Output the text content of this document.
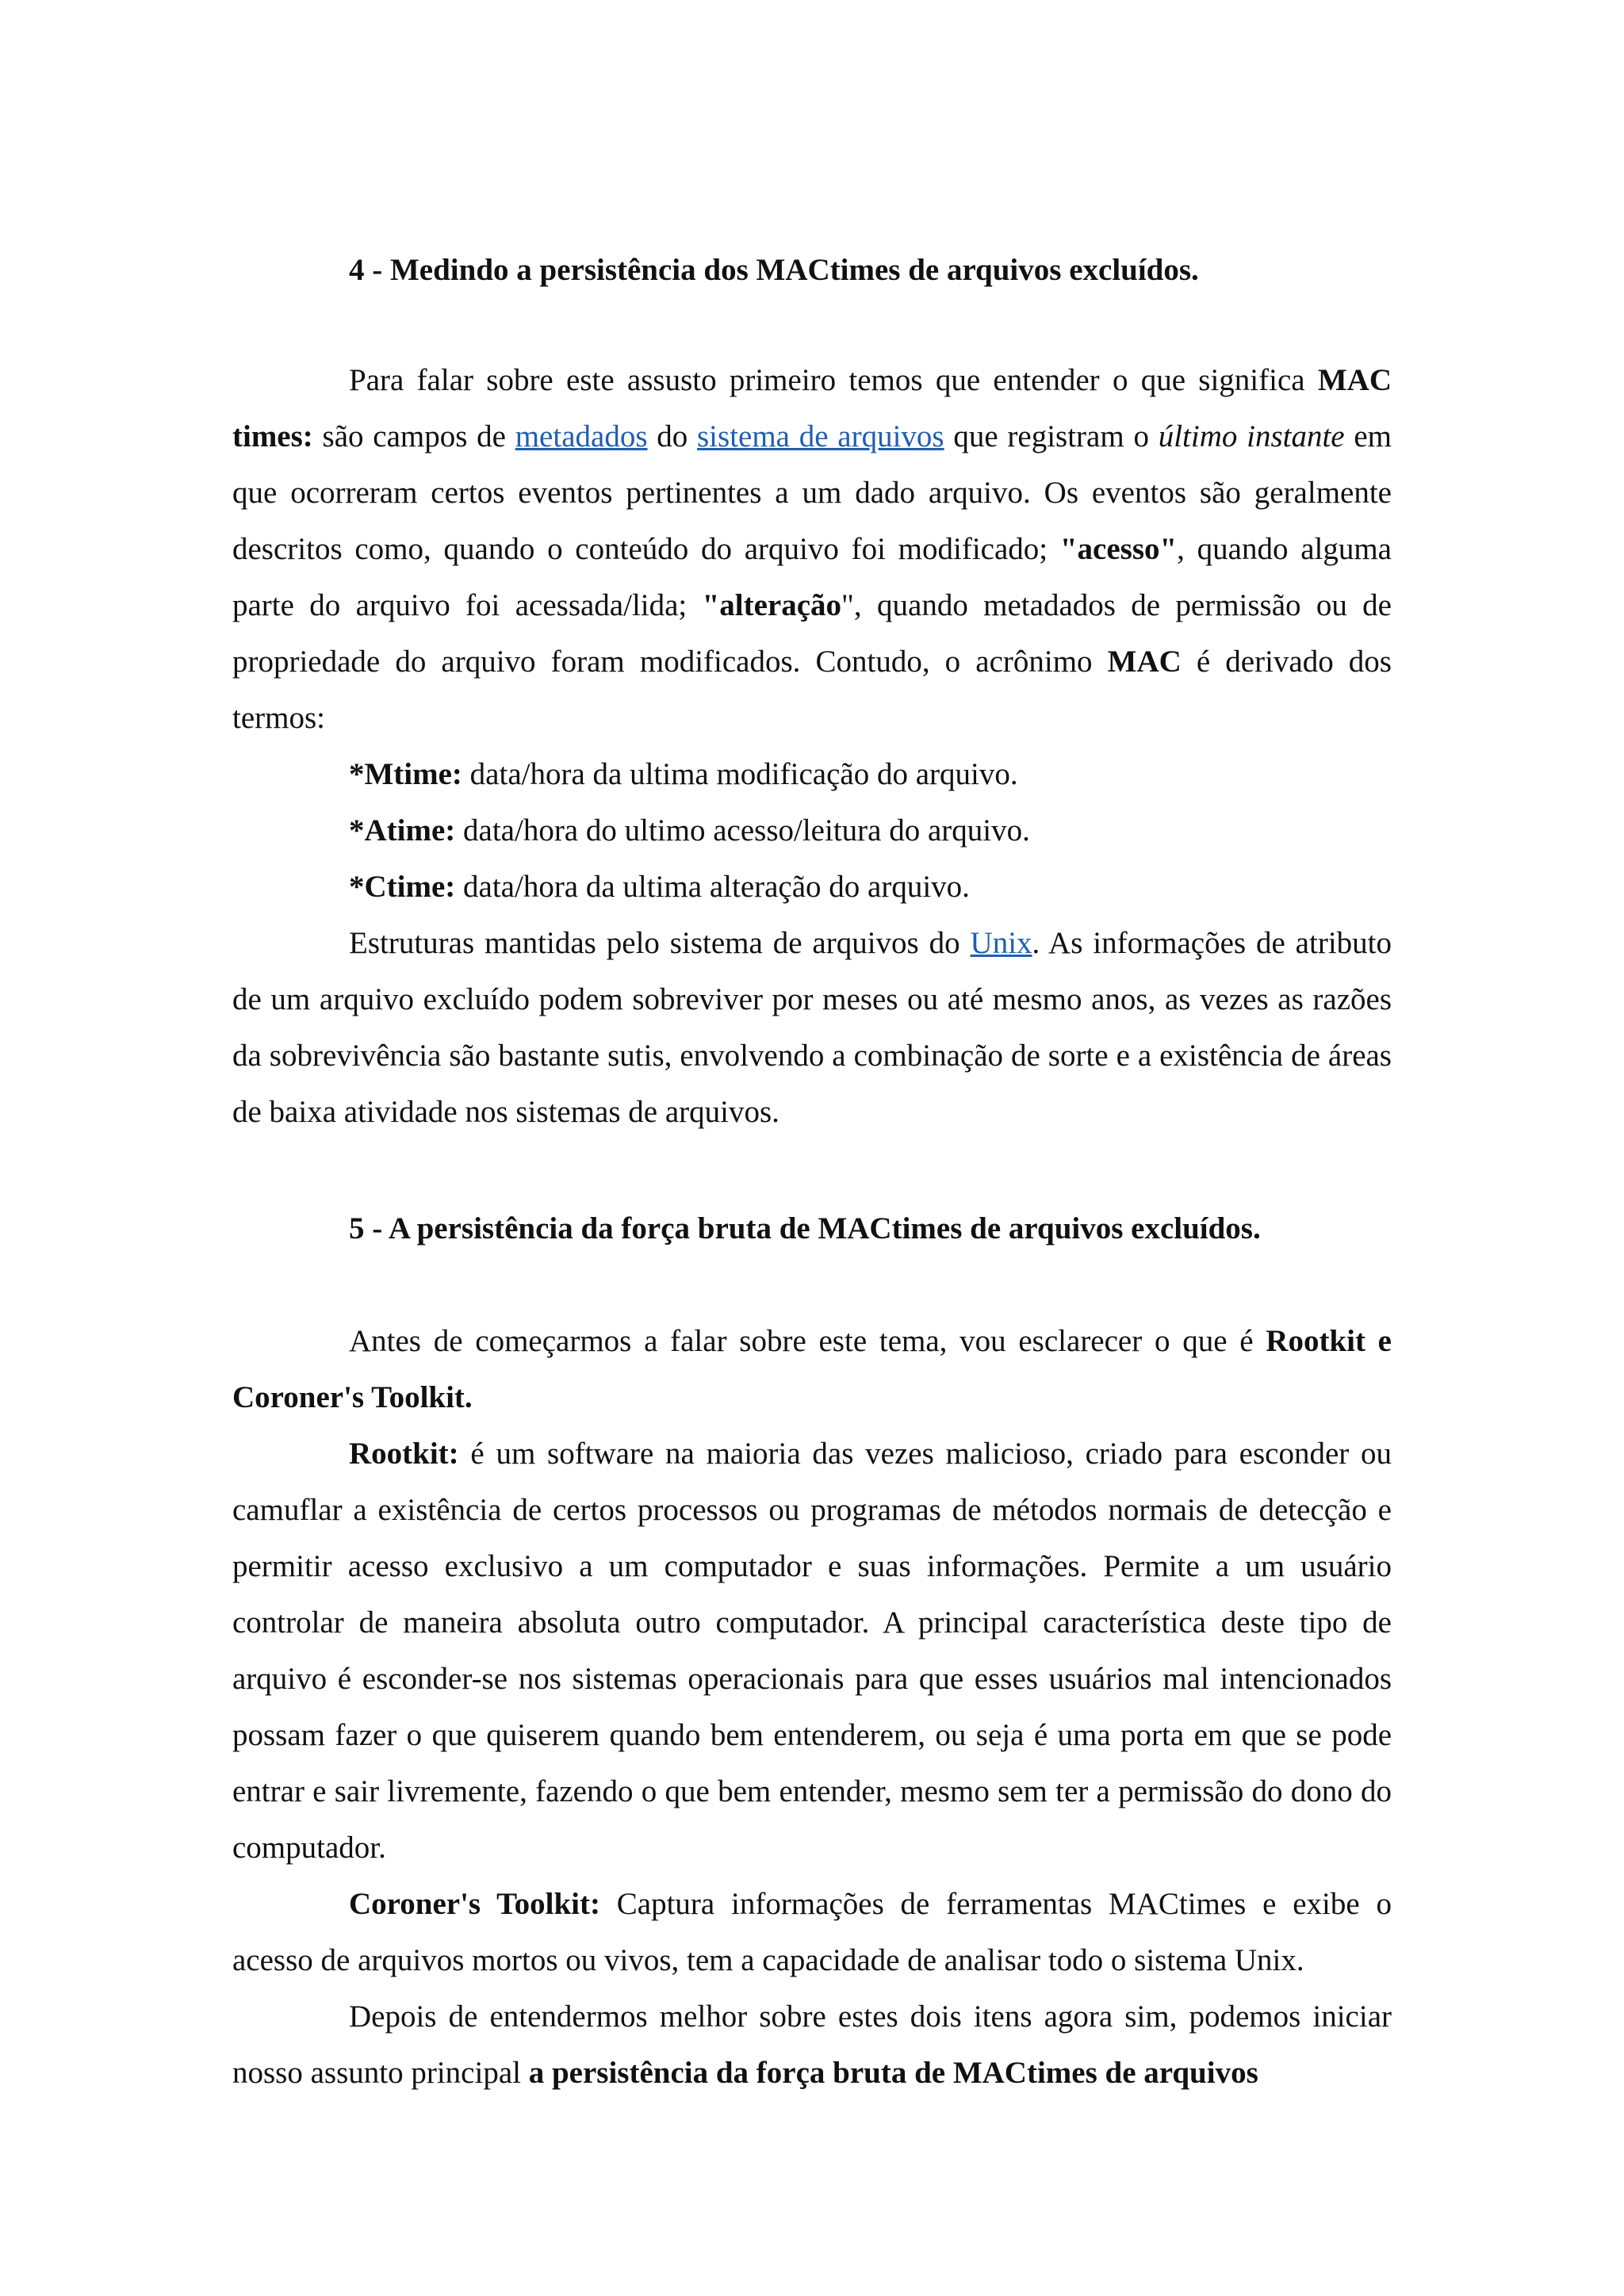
4 - Medindo a persistência dos MACtimes de arquivos excluídos.

Para falar sobre este assusto primeiro temos que entender o que significa MAC times: são campos de metadados do sistema de arquivos que registram o último instante em que ocorreram certos eventos pertinentes a um dado arquivo. Os eventos são geralmente descritos como, quando o conteúdo do arquivo foi modificado; "acesso", quando alguma parte do arquivo foi acessada/lida; "alteração", quando metadados de permissão ou de propriedade do arquivo foram modificados. Contudo, o acrônimo MAC é derivado dos termos:

*Mtime: data/hora da ultima modificação do arquivo.

*Atime: data/hora do ultimo acesso/leitura do arquivo.

*Ctime: data/hora da ultima alteração do arquivo.

Estruturas mantidas pelo sistema de arquivos do Unix. As informações de atributo de um arquivo excluído podem sobreviver por meses ou até mesmo anos, as vezes as razões da sobrevivência são bastante sutis, envolvendo a combinação de sorte e a existência de áreas de baixa atividade nos sistemas de arquivos.

5 - A persistência da força bruta de MACtimes de arquivos excluídos.

Antes de começarmos a falar sobre este tema, vou esclarecer o que é Rootkit e Coroner's Toolkit.

Rootkit: é um software na maioria das vezes malicioso, criado para esconder ou camuflar a existência de certos processos ou programas de métodos normais de detecção e permitir acesso exclusivo a um computador e suas informações. Permite a um usuário controlar de maneira absoluta outro computador. A principal característica deste tipo de arquivo é esconder-se nos sistemas operacionais para que esses usuários mal intencionados possam fazer o que quiserem quando bem entenderem, ou seja é uma porta em que se pode entrar e sair livremente, fazendo o que bem entender, mesmo sem ter a permissão do dono do computador.

Coroner's Toolkit: Captura informações de ferramentas MACtimes e exibe o acesso de arquivos mortos ou vivos, tem a capacidade de analisar todo o sistema Unix.

Depois de entendermos melhor sobre estes dois itens agora sim, podemos iniciar nosso assunto principal a persistência da força bruta de MACtimes de arquivos
